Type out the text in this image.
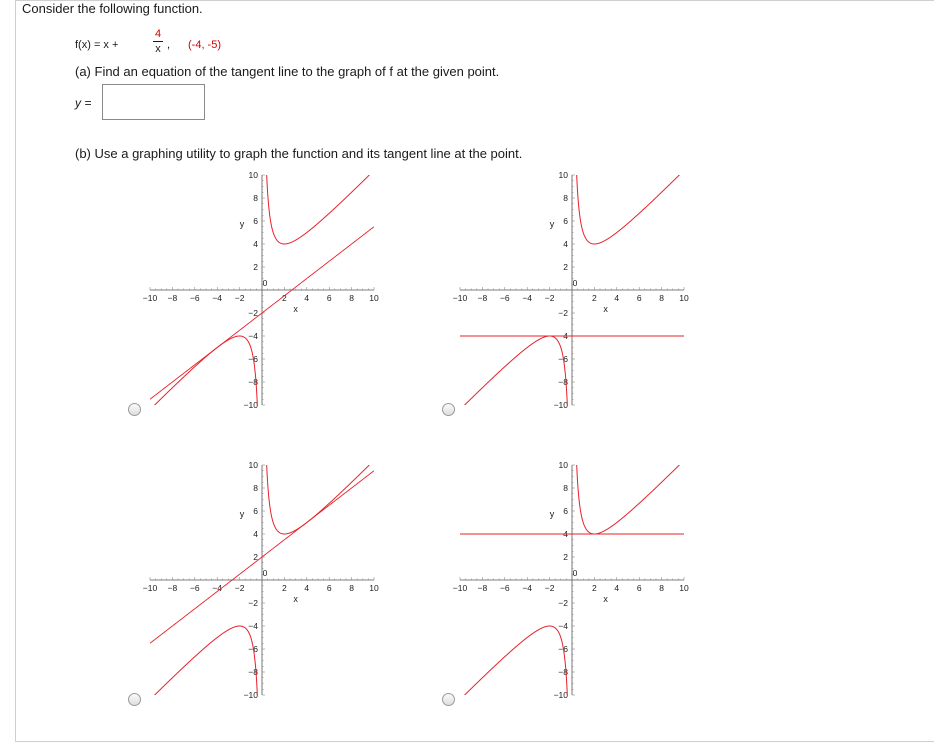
Consider the following function.
f(x) = x +
4
x , (-4, -5)
(a) Find an equation of the tangent line to the graph of f at the given point.
y =
(b) Use a graphing utility to graph the function and its tangent line at the point.
−10 −8 −6 −4 −2
0
2 4 6 8 10
10
8
6
4
2
−2
−4
−6
−8
−10
x
y
−10 −8 −6 −4 −2
0
2 4 6 8 10
10
8
6
4
2
−2
−4
−6
−8
−10
x
y
−10 −8 −6 −4 −2
0
2 4 6 8 10
10
8
6
4
2
−2
−4
−6
−8
−10
x
y
−10 −8 −6 −4 −2
0
2 4 6 8 10
10
8
6
4
2
−2
−4
−6
−8
−10
x
y
